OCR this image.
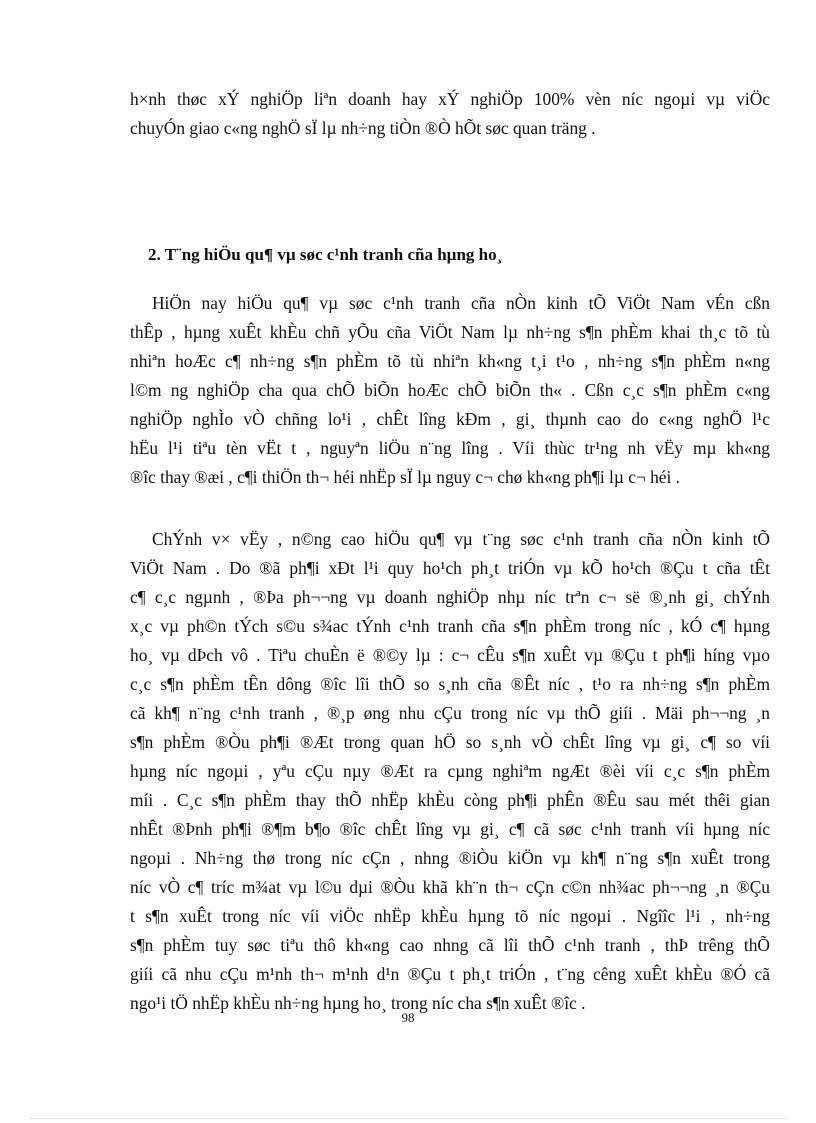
h×nh thøc xÝ nghiÖp liªn doanh hay xÝ nghiÖp 100% vèn níc ngoµi vµ viÖc
chuyÓn giao c«ng nghÖ sÏ lµ nh÷ng tiÒn ®Ò hÕt søc quan träng .
2. T¨ng hiÖu qu¶ vµ søc c¹nh tranh cña hµng ho¸
HiÖn nay hiÖu qu¶ vµ søc c¹nh tranh cña nÒn kinh tÕ ViÖt Nam vÉn cßn
thÊp , hµng xuÊt khÈu chñ yÕu cña ViÖt Nam lµ nh÷ng s¶n phÈm khai th¸c tõ tù
nhiªn hoÆc c¶ nh÷ng s¶n phÈm tõ tù nhiªn kh«ng t¸i t¹o , nh÷ng s¶n phÈm n«ng
l©m ng nghiÖp cha qua chÕ biÕn hoÆc chÕ biÕn th« . Cßn c¸c s¶n phÈm c«ng
nghiÖp nghÌo vÒ chñng lo¹i , chÊt lîng kÐm , gi¸ thµnh cao do c«ng nghÖ l¹c
hËu l¹i tiªu tèn vËt t , nguyªn liÖu n¨ng lîng . Víi thùc tr¹ng nh vËy mµ kh«ng
®îc thay ®æi , c¶i thiÖn th¬ héi nhËp sÏ lµ nguy c¬ chø kh«ng ph¶i lµ c¬ héi .
ChÝnh v× vËy , n©ng cao hiÖu qu¶ vµ t¨ng søc c¹nh tranh cña nÒn kinh tÕ
ViÖt Nam . Do ®ã ph¶i xÐt l¹i quy ho¹ch ph¸t triÓn vµ kÕ ho¹ch ®Çu t cña tÊt
c¶ c¸c ngµnh , ®Þa ph¬¬ng vµ doanh nghiÖp nhµ níc trªn c¬ së ®¸nh gi¸ chÝnh
x¸c vµ ph©n tÝch s©u s¾ac tÝnh c¹nh tranh cña s¶n phÈm trong níc , kÓ c¶ hµng
ho¸ vµ dÞch vô . Tiªu chuÈn ë ®©y lµ : c¬ cÊu s¶n xuÊt vµ ®Çu t ph¶i híng vµo
c¸c s¶n phÈm tÊn dông ®îc lîi thÕ so s¸nh cña ®Êt níc , t¹o ra nh÷ng s¶n phÈm
cã kh¶ n¨ng c¹nh tranh , ®¸p øng nhu cÇu trong níc vµ thÕ giíi . Mäi ph¬¬ng ¸n
s¶n phÈm ®Òu ph¶i ®Æt trong quan hÖ so s¸nh vÒ chÊt lîng vµ gi¸ c¶ so víi
hµng níc ngoµi , yªu cÇu nµy ®Æt ra cµng nghiªm ngÆt ®èi víi c¸c s¶n phÈm
míi . C¸c s¶n phÈm thay thÕ nhËp khÈu còng ph¶i phÊn ®Êu sau mét thêi gian
nhÊt ®Þnh ph¶i ®¶m b¶o ®îc chÊt lîng vµ gi¸ c¶ cã søc c¹nh tranh víi hµng níc
ngoµi . Nh÷ng thø trong níc cÇn , nhng ®iÒu kiÖn vµ kh¶ n¨ng s¶n xuÊt trong
níc vÒ c¶ tríc m¾at vµ l©u dµi ®Òu khã kh¨n th¬ cÇn c©n nh¾ac ph¬¬ng ¸n ®Çu
t s¶n xuÊt trong níc víi viÖc nhËp khÈu hµng tõ níc ngoµi . Ngîîc l¹i , nh÷ng
s¶n phÈm tuy søc tiªu thô kh«ng cao nhng cã lîi thÕ c¹nh tranh , thÞ trêng thÕ
giíi cã nhu cÇu m¹nh th¬ m¹nh d¹n ®Çu t ph¸t triÓn , t¨ng cêng xuÊt khÈu ®Ó cã
ngo¹i tÖ nhËp khÈu nh÷ng hµng ho¸ trong níc cha s¶n xuÊt ®îc .
98
